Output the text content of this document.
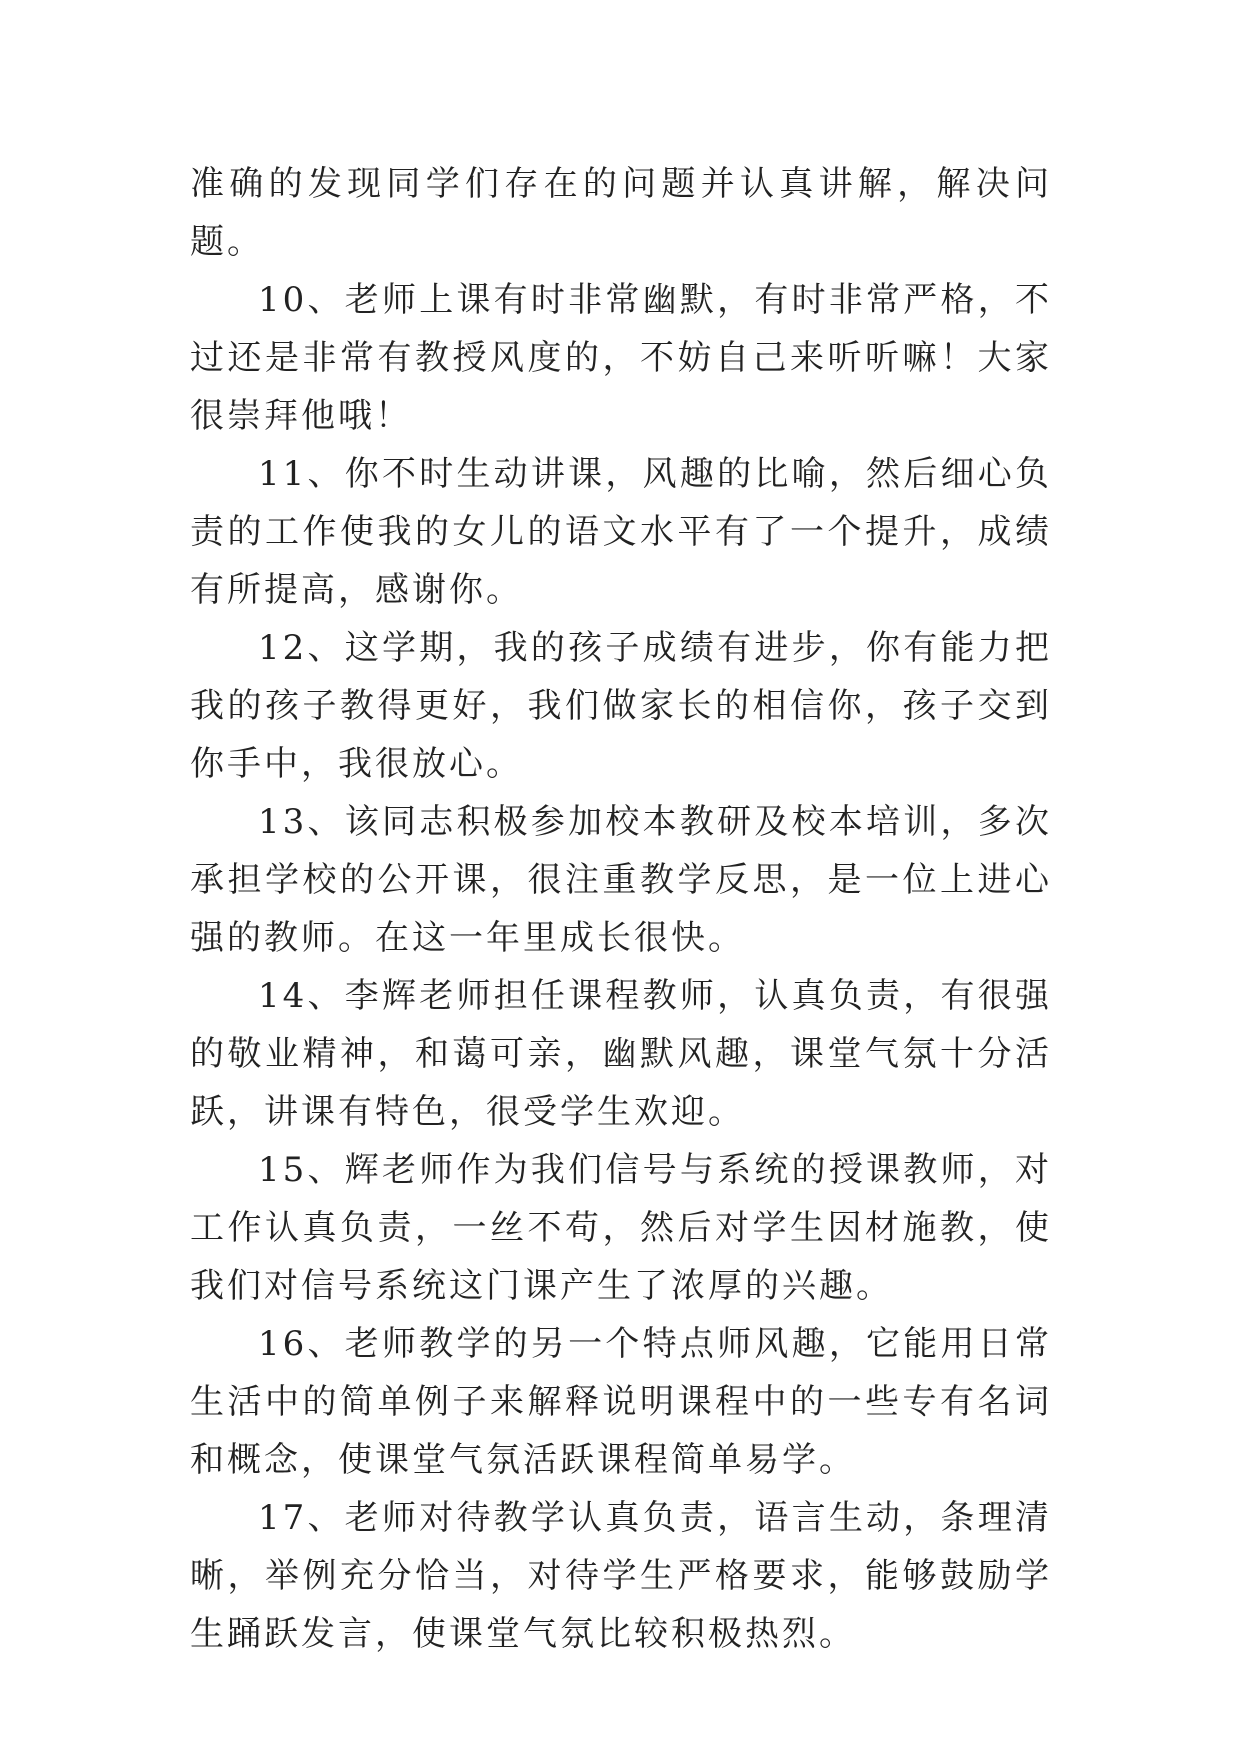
准确的发现同学们存在的问题并认真讲解，解决问题。

10、老师上课有时非常幽默，有时非常严格，不过还是非常有教授风度的，不妨自己来听听嘛！大家很崇拜他哦！

11、你不时生动讲课，风趣的比喻，然后细心负责的工作使我的女儿的语文水平有了一个提升，成绩有所提高，感谢你。

12、这学期，我的孩子成绩有进步，你有能力把我的孩子教得更好，我们做家长的相信你，孩子交到你手中，我很放心。

13、该同志积极参加校本教研及校本培训，多次承担学校的公开课，很注重教学反思，是一位上进心强的教师。在这一年里成长很快。

14、李辉老师担任课程教师，认真负责，有很强的敬业精神，和蔼可亲，幽默风趣，课堂气氛十分活跃，讲课有特色，很受学生欢迎。

15、辉老师作为我们信号与系统的授课教师，对工作认真负责，一丝不苟，然后对学生因材施教，使我们对信号系统这门课产生了浓厚的兴趣。

16、老师教学的另一个特点师风趣，它能用日常生活中的简单例子来解释说明课程中的一些专有名词和概念，使课堂气氛活跃课程简单易学。

17、老师对待教学认真负责，语言生动，条理清晰，举例充分恰当，对待学生严格要求，能够鼓励学生踊跃发言，使课堂气氛比较积极热烈。
